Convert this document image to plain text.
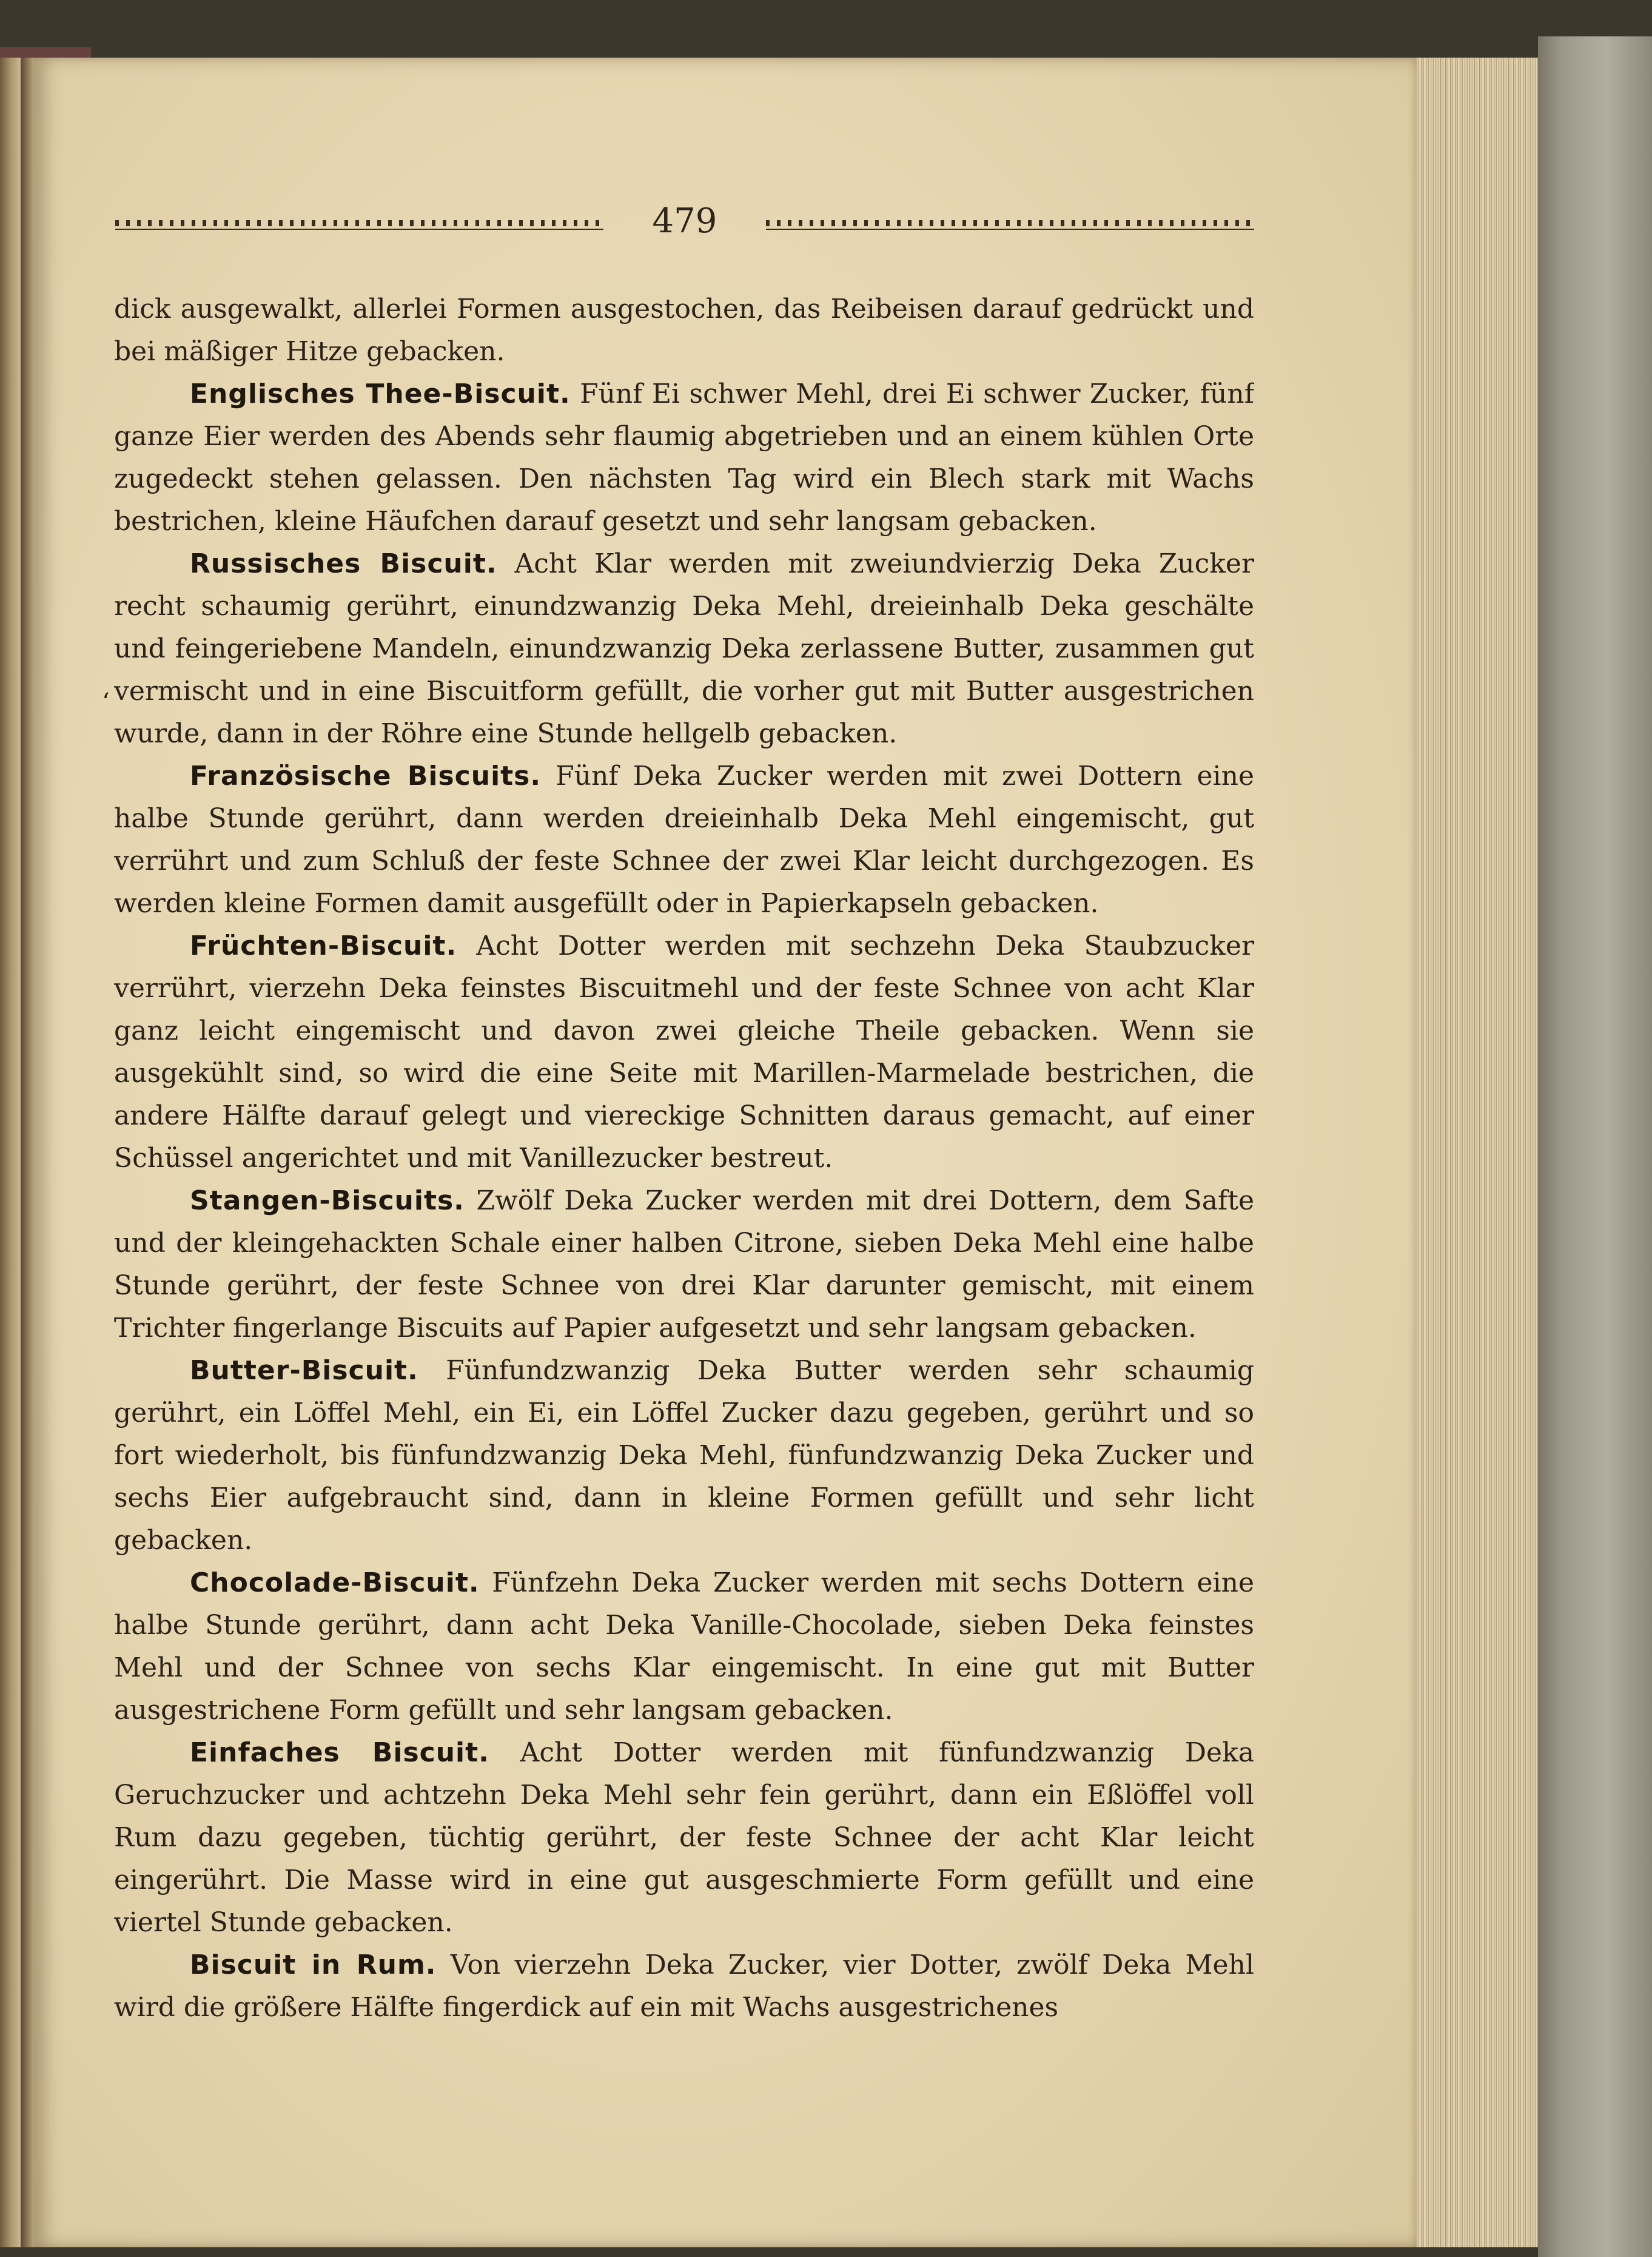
479

dick ausgewalkt, allerlei Formen ausgestochen, das Reibeisen darauf gedrückt und bei mäßiger Hitze gebacken.

Englisches Thee-Biscuit. Fünf Ei schwer Mehl, drei Ei schwer Zucker, fünf ganze Eier werden des Abends sehr flaumig abgetrieben und an einem kühlen Orte zugedeckt stehen gelassen. Den nächsten Tag wird ein Blech stark mit Wachs bestrichen, kleine Häufchen darauf gesetzt und sehr langsam gebacken.

Russisches Biscuit. Acht Klar werden mit zweiundvierzig Deka Zucker recht schaumig gerührt, einundzwanzig Deka Mehl, dreieinhalb Deka geschälte und feingeriebene Mandeln, einundzwanzig Deka zerlassene Butter, zusammen gut vermischt und in eine Biscuitform gefüllt, die vorher gut mit Butter ausgestrichen wurde, dann in der Röhre eine Stunde hellgelb gebacken.

Französische Biscuits. Fünf Deka Zucker werden mit zwei Dottern eine halbe Stunde gerührt, dann werden dreieinhalb Deka Mehl eingemischt, gut verrührt und zum Schluß der feste Schnee der zwei Klar leicht durchgezogen. Es werden kleine Formen damit ausgefüllt oder in Papierkapseln gebacken.

Früchten-Biscuit. Acht Dotter werden mit sechzehn Deka Staubzucker verrührt, vierzehn Deka feinstes Biscuitmehl und der feste Schnee von acht Klar ganz leicht eingemischt und davon zwei gleiche Theile gebacken. Wenn sie ausgekühlt sind, so wird die eine Seite mit Marillen-Marmelade bestrichen, die andere Hälfte darauf gelegt und viereckige Schnitten daraus gemacht, auf einer Schüssel angerichtet und mit Vanillezucker bestreut.

Stangen-Biscuits. Zwölf Deka Zucker werden mit drei Dottern, dem Safte und der kleingehackten Schale einer halben Citrone, sieben Deka Mehl eine halbe Stunde gerührt, der feste Schnee von drei Klar darunter gemischt, mit einem Trichter fingerlange Biscuits auf Papier aufgesetzt und sehr langsam gebacken.

Butter-Biscuit. Fünfundzwanzig Deka Butter werden sehr schaumig gerührt, ein Löffel Mehl, ein Ei, ein Löffel Zucker dazu gegeben, gerührt und so fort wiederholt, bis fünfundzwanzig Deka Mehl, fünfundzwanzig Deka Zucker und sechs Eier aufgebraucht sind, dann in kleine Formen gefüllt und sehr licht gebacken.

Chocolade-Biscuit. Fünfzehn Deka Zucker werden mit sechs Dottern eine halbe Stunde gerührt, dann acht Deka Vanille-Chocolade, sieben Deka feinstes Mehl und der Schnee von sechs Klar eingemischt. In eine gut mit Butter ausgestrichene Form gefüllt und sehr langsam gebacken.

Einfaches Biscuit. Acht Dotter werden mit fünfundzwanzig Deka Geruchzucker und achtzehn Deka Mehl sehr fein gerührt, dann ein Eßlöffel voll Rum dazu gegeben, tüchtig gerührt, der feste Schnee der acht Klar leicht eingerührt. Die Masse wird in eine gut ausgeschmierte Form gefüllt und eine viertel Stunde gebacken.

Biscuit in Rum. Von vierzehn Deka Zucker, vier Dotter, zwölf Deka Mehl wird die größere Hälfte fingerdick auf ein mit Wachs ausgestrichenes

ʻ
